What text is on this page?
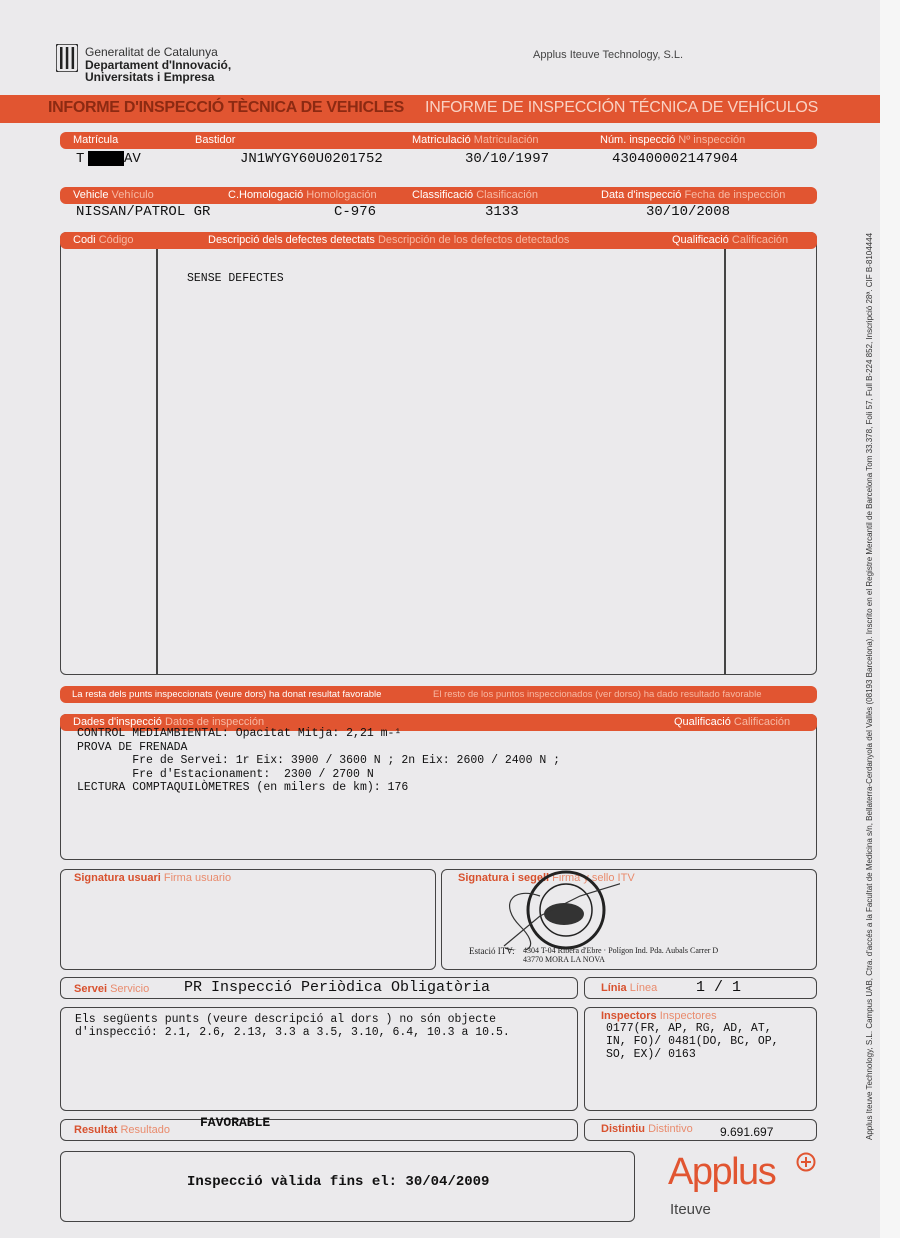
Generalitat de Catalunya
Departament d'Innovació,
Universitats i Empresa
Applus Iteuve Technology, S.L.
INFORME D'INSPECCIÓ TÈCNICA DE VEHICLES INFORME DE INSPECCIÓN TÉCNICA DE VEHÍCULOS
Matrícula	Bastidor	Matriculació Matriculación	Núm. inspecció Nº inspección
T	AV	JN1WYGY60U0201752	30/10/1997	430400002147904
Vehicle Vehículo	C.Homologació Homologación	Classificació Clasificación	Data d'inspecció Fecha de inspección
NISSAN/PATROL GR	C-976	3133	30/10/2008
Codi Código	Descripció dels defectes detectats Descripción de los defectos detectados	Qualificació Calificación
SENSE DEFECTES
La resta dels punts inspeccionats (veure dors) ha donat resultat favorable	El resto de los puntos inspeccionados (ver dorso) ha dado resultado favorable
Dades d'inspecció Datos de inspección	Qualificació Calificación
CONTROL MEDIAMBIENTAL: Opacitat Mitja: 2,21 m-¹
PROVA DE FRENADA
Fre de Servei: 1r Eix: 3900 / 3600 N ; 2n Eix: 2600 / 2400 N ;
Fre d'Estacionament:  2300 / 2700 N
LECTURA COMPTAQUILÒMETRES (en milers de km): 176
Signatura usuari Firma usuario	Signatura i segell Firma y sello ITV
Estació ITV: 4304 T-04 Ribera d'Ebre · Polígon Ind. Pda. Aubals Carrer D
43770 MORA LA NOVA
Servei Servicio PR Inspecció Periòdica Obligatòria	Línia Línea	1 / 1
Els següents punts (veure descripció al dors ) no són objecte
d'inspecció: 2.1, 2.6, 2.13, 3.3 a 3.5, 3.10, 6.4, 10.3 a 10.5.
Inspectors Inspectores
0177(FR, AP, RG, AD, AT,
IN, FO)/ 0481(DO, BC, OP,
SO, EX)/ 0163
Resultat Resultado FAVORABLE	Distintiu Distintivo 9.691.697
Inspecció vàlida fins el: 30/04/2009	Applus
Iteuve
Applus Iteuve Technology, S.L. Campus UAB, Ctra. d'accés a la Facultat de Medicina s/n, Bellaterra-Cerdanyola del Vallès (08193 Barcelona). Inscrito en el Registre Mercantil de Barcelona Tom 33.378, Foli 57, Full B-224 852, Inscripció 28ª. CIF B-8104444
